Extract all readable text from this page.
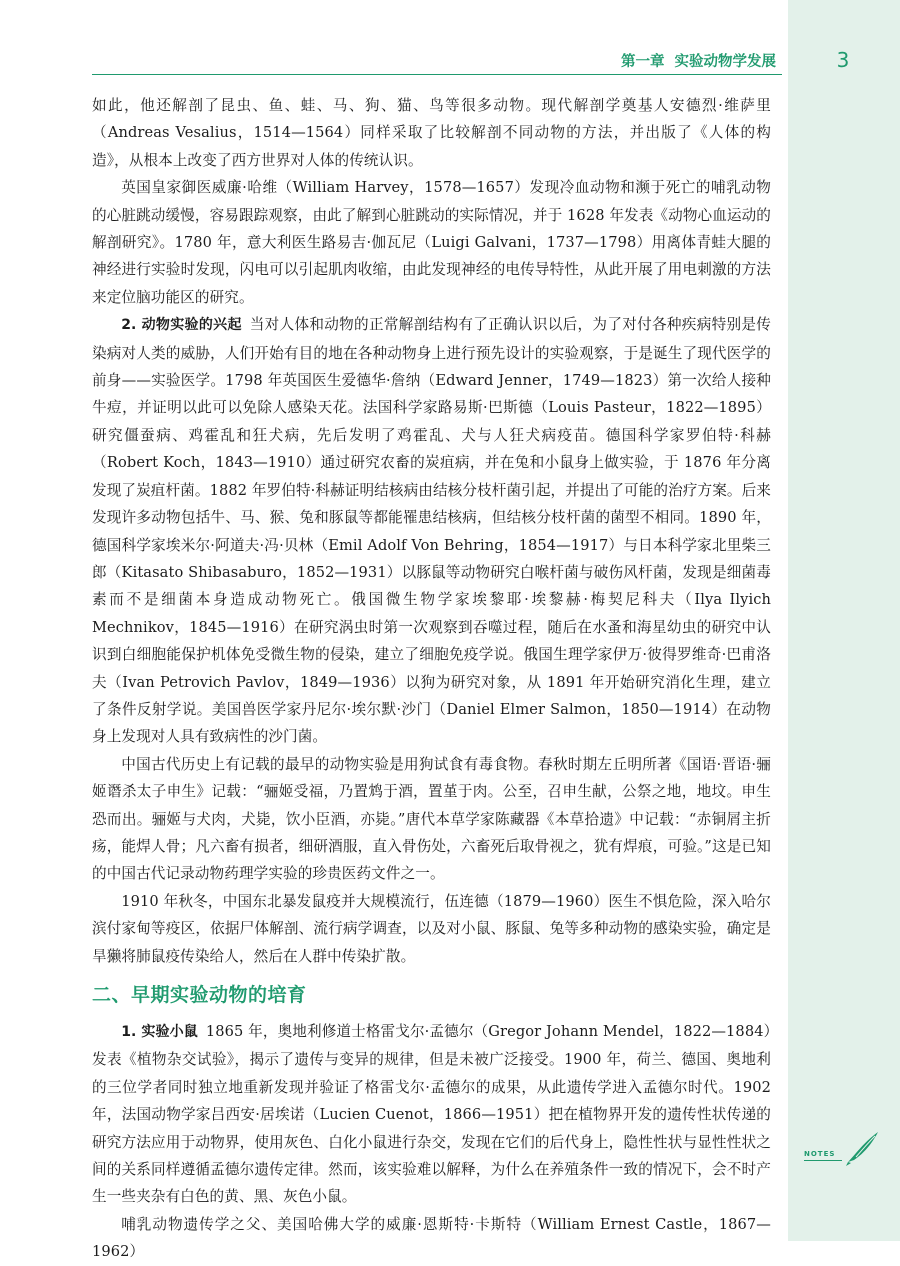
第一章 实验动物学发展	3

如此，他还解剖了昆虫、鱼、蛙、马、狗、猫、鸟等很多动物。现代解剖学奠基人安德烈·维萨里（Andreas Vesalius，1514—1564）同样采取了比较解剖不同动物的方法，并出版了《人体的构造》，从根本上改变了西方世界对人体的传统认识。

英国皇家御医威廉·哈维（William Harvey，1578—1657）发现冷血动物和濒于死亡的哺乳动物的心脏跳动缓慢，容易跟踪观察，由此了解到心脏跳动的实际情况，并于 1628 年发表《动物心血运动的解剖研究》。1780 年，意大利医生路易吉·伽瓦尼（Luigi Galvani，1737—1798）用离体青蛙大腿的神经进行实验时发现，闪电可以引起肌肉收缩，由此发现神经的电传导特性，从此开展了用电刺激的方法来定位脑功能区的研究。

2. 动物实验的兴起 当对人体和动物的正常解剖结构有了正确认识以后，为了对付各种疾病特别是传染病对人类的威胁，人们开始有目的地在各种动物身上进行预先设计的实验观察，于是诞生了现代医学的前身——实验医学。1798 年英国医生爱德华·詹纳（Edward Jenner，1749—1823）第一次给人接种牛痘，并证明以此可以免除人感染天花。法国科学家路易斯·巴斯德（Louis Pasteur，1822—1895）研究僵蚕病、鸡霍乱和狂犬病，先后发明了鸡霍乱、犬与人狂犬病疫苗。德国科学家罗伯特·科赫（Robert Koch，1843—1910）通过研究农畜的炭疽病，并在兔和小鼠身上做实验，于 1876 年分离发现了炭疽杆菌。1882 年罗伯特·科赫证明结核病由结核分枝杆菌引起，并提出了可能的治疗方案。后来发现许多动物包括牛、马、猴、兔和豚鼠等都能罹患结核病，但结核分枝杆菌的菌型不相同。1890 年，德国科学家埃米尔·阿道夫·冯·贝林（Emil Adolf Von Behring，1854—1917）与日本科学家北里柴三郎（Kitasato Shibasaburo，1852—1931）以豚鼠等动物研究白喉杆菌与破伤风杆菌，发现是细菌毒素而不是细菌本身造成动物死亡。俄国微生物学家埃黎耶·埃黎赫·梅契尼科夫（Ilya Ilyich Mechnikov，1845—1916）在研究涡虫时第一次观察到吞噬过程，随后在水蚤和海星幼虫的研究中认识到白细胞能保护机体免受微生物的侵染，建立了细胞免疫学说。俄国生理学家伊万·彼得罗维奇·巴甫洛夫（Ivan Petrovich Pavlov，1849—1936）以狗为研究对象，从 1891 年开始研究消化生理，建立了条件反射学说。美国兽医学家丹尼尔·埃尔默·沙门（Daniel Elmer Salmon，1850—1914）在动物身上发现对人具有致病性的沙门菌。

中国古代历史上有记载的最早的动物实验是用狗试食有毒食物。春秋时期左丘明所著《国语·晋语·骊姬谮杀太子申生》记载：“骊姬受福，乃置鸩于酒，置堇于肉。公至，召申生献，公祭之地，地坟。申生恐而出。骊姬与犬肉，犬毙，饮小臣酒，亦毙。”唐代本草学家陈藏器《本草拾遗》中记载：“赤铜屑主折疡，能焊人骨；凡六畜有损者，细研酒服，直入骨伤处，六畜死后取骨视之，犹有焊痕，可验。”这是已知的中国古代记录动物药理学实验的珍贵医药文件之一。

1910 年秋冬，中国东北暴发鼠疫并大规模流行，伍连德（1879—1960）医生不惧危险，深入哈尔滨付家甸等疫区，依据尸体解剖、流行病学调查，以及对小鼠、豚鼠、兔等多种动物的感染实验，确定是旱獭将肺鼠疫传染给人，然后在人群中传染扩散。

二、早期实验动物的培育

1. 实验小鼠 1865 年，奥地利修道士格雷戈尔·孟德尔（Gregor Johann Mendel，1822—1884）发表《植物杂交试验》，揭示了遗传与变异的规律，但是未被广泛接受。1900 年，荷兰、德国、奥地利的三位学者同时独立地重新发现并验证了格雷戈尔·孟德尔的成果，从此遗传学进入孟德尔时代。1902 年，法国动物学家吕西安·居埃诺（Lucien Cuenot，1866—1951）把在植物界开发的遗传性状传递的研究方法应用于动物界，使用灰色、白化小鼠进行杂交，发现在它们的后代身上，隐性性状与显性性状之间的关系同样遵循孟德尔遗传定律。然而，该实验难以解释，为什么在养殖条件一致的情况下，会不时产生一些夹杂有白色的黄、黑、灰色小鼠。

哺乳动物遗传学之父、美国哈佛大学的威廉·恩斯特·卡斯特（William Ernest Castle，1867—1962）

NOTES
